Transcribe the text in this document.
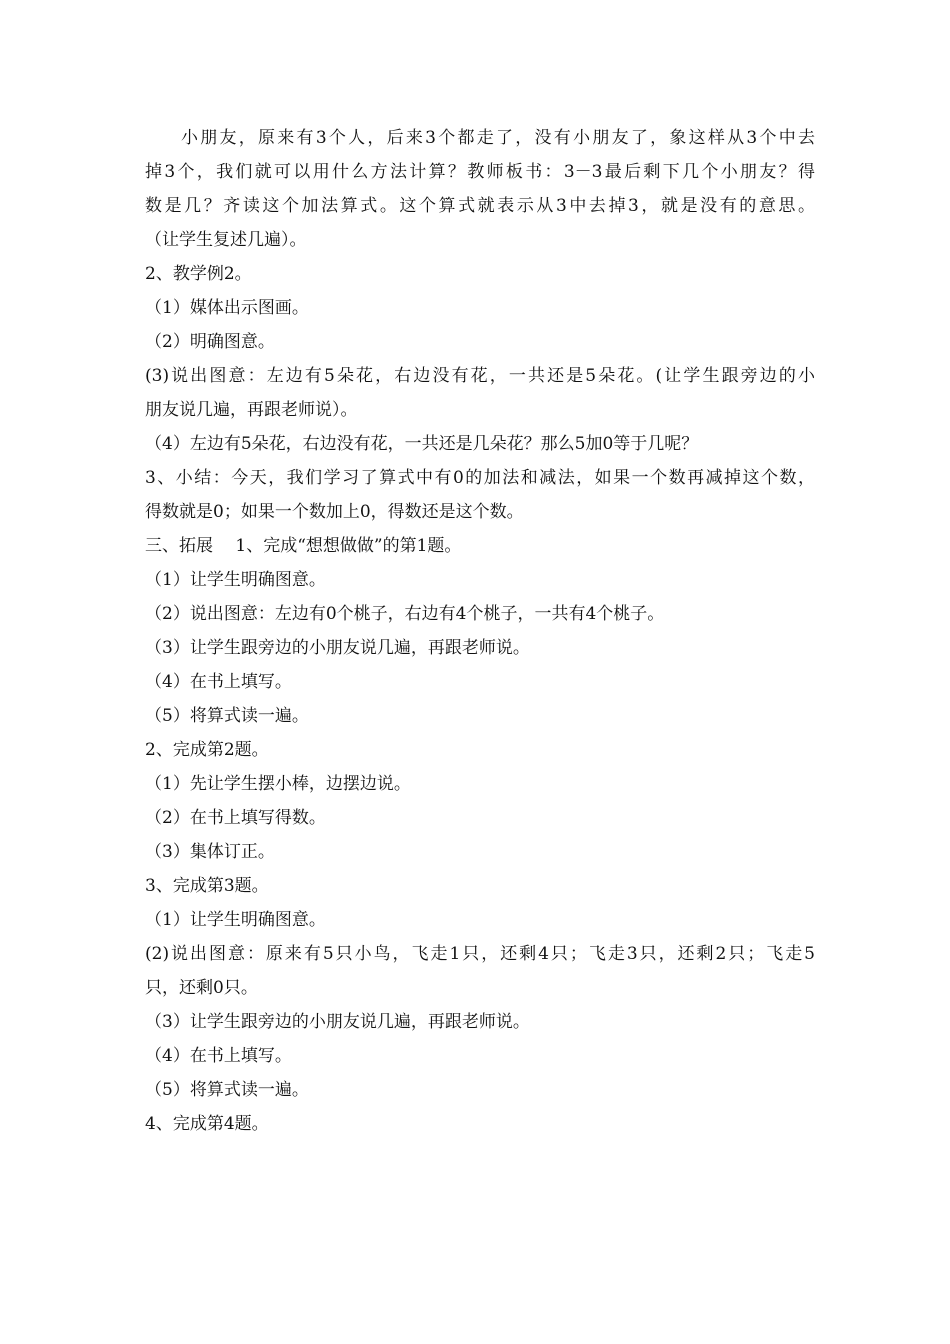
小朋友，原来有3个人，后来3个都走了，没有小朋友了，象这样从3个中去
掉3个，我们就可以用什么方法计算？教师板书：3－3最后剩下几个小朋友？得
数是几？齐读这个加法算式。这个算式就表示从3中去掉3，就是没有的意思。
（让学生复述几遍）。
2、教学例2。
（1）媒体出示图画。
（2）明确图意。
(3)说出图意：左边有5朵花，右边没有花，一共还是5朵花。(让学生跟旁边的小
朋友说几遍，再跟老师说）。
（4）左边有5朵花，右边没有花，一共还是几朵花？那么5加0等于几呢？
3、小结：今天，我们学习了算式中有0的加法和减法，如果一个数再减掉这个数，
得数就是0；如果一个数加上0，得数还是这个数。
三、拓展　 1、完成“想想做做”的第1题。
（1）让学生明确图意。
（2）说出图意：左边有0个桃子，右边有4个桃子，一共有4个桃子。
（3）让学生跟旁边的小朋友说几遍，再跟老师说。
（4）在书上填写。
（5）将算式读一遍。
2、完成第2题。
（1）先让学生摆小棒，边摆边说。
（2）在书上填写得数。
（3）集体订正。
3、完成第3题。
（1）让学生明确图意。
(2)说出图意：原来有5只小鸟，飞走1只，还剩4只；飞走3只，还剩2只；飞走5
只，还剩0只。
（3）让学生跟旁边的小朋友说几遍，再跟老师说。
（4）在书上填写。
（5）将算式读一遍。
4、完成第4题。
